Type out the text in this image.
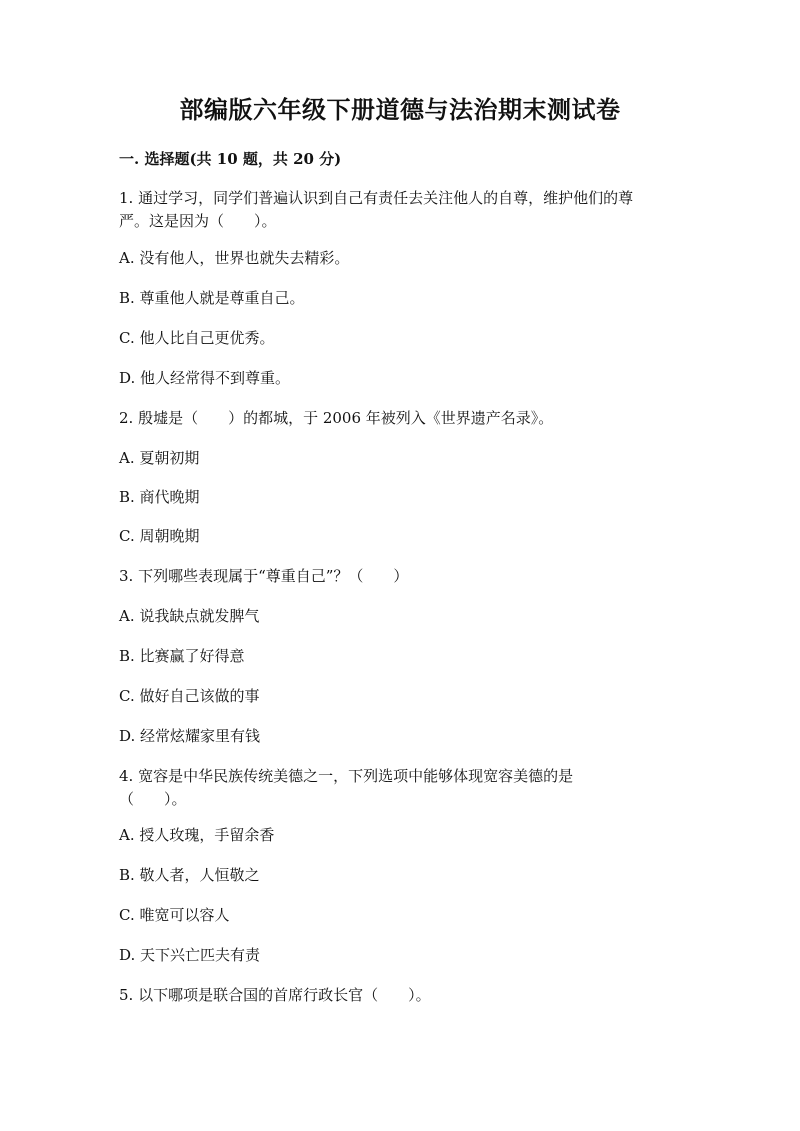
部编版六年级下册道德与法治期末测试卷
一. 选择题(共 10 题，共 20 分)
1. 通过学习，同学们普遍认识到自己有责任去关注他人的自尊，维护他们的尊
严。这是因为（　　）。
A. 没有他人，世界也就失去精彩。
B. 尊重他人就是尊重自己。
C. 他人比自己更优秀。
D. 他人经常得不到尊重。
2. 殷墟是（　　）的都城，于 2006 年被列入《世界遗产名录》。
A. 夏朝初期
B. 商代晚期
C. 周朝晚期
3. 下列哪些表现属于“尊重自己”？（　　）
A. 说我缺点就发脾气
B. 比赛赢了好得意
C. 做好自己该做的事
D. 经常炫耀家里有钱
4. 宽容是中华民族传统美德之一，下列选项中能够体现宽容美德的是
（　　）。
A. 授人玫瑰，手留余香
B. 敬人者，人恒敬之
C. 唯宽可以容人
D. 天下兴亡匹夫有责
5. 以下哪项是联合国的首席行政长官（　　）。
